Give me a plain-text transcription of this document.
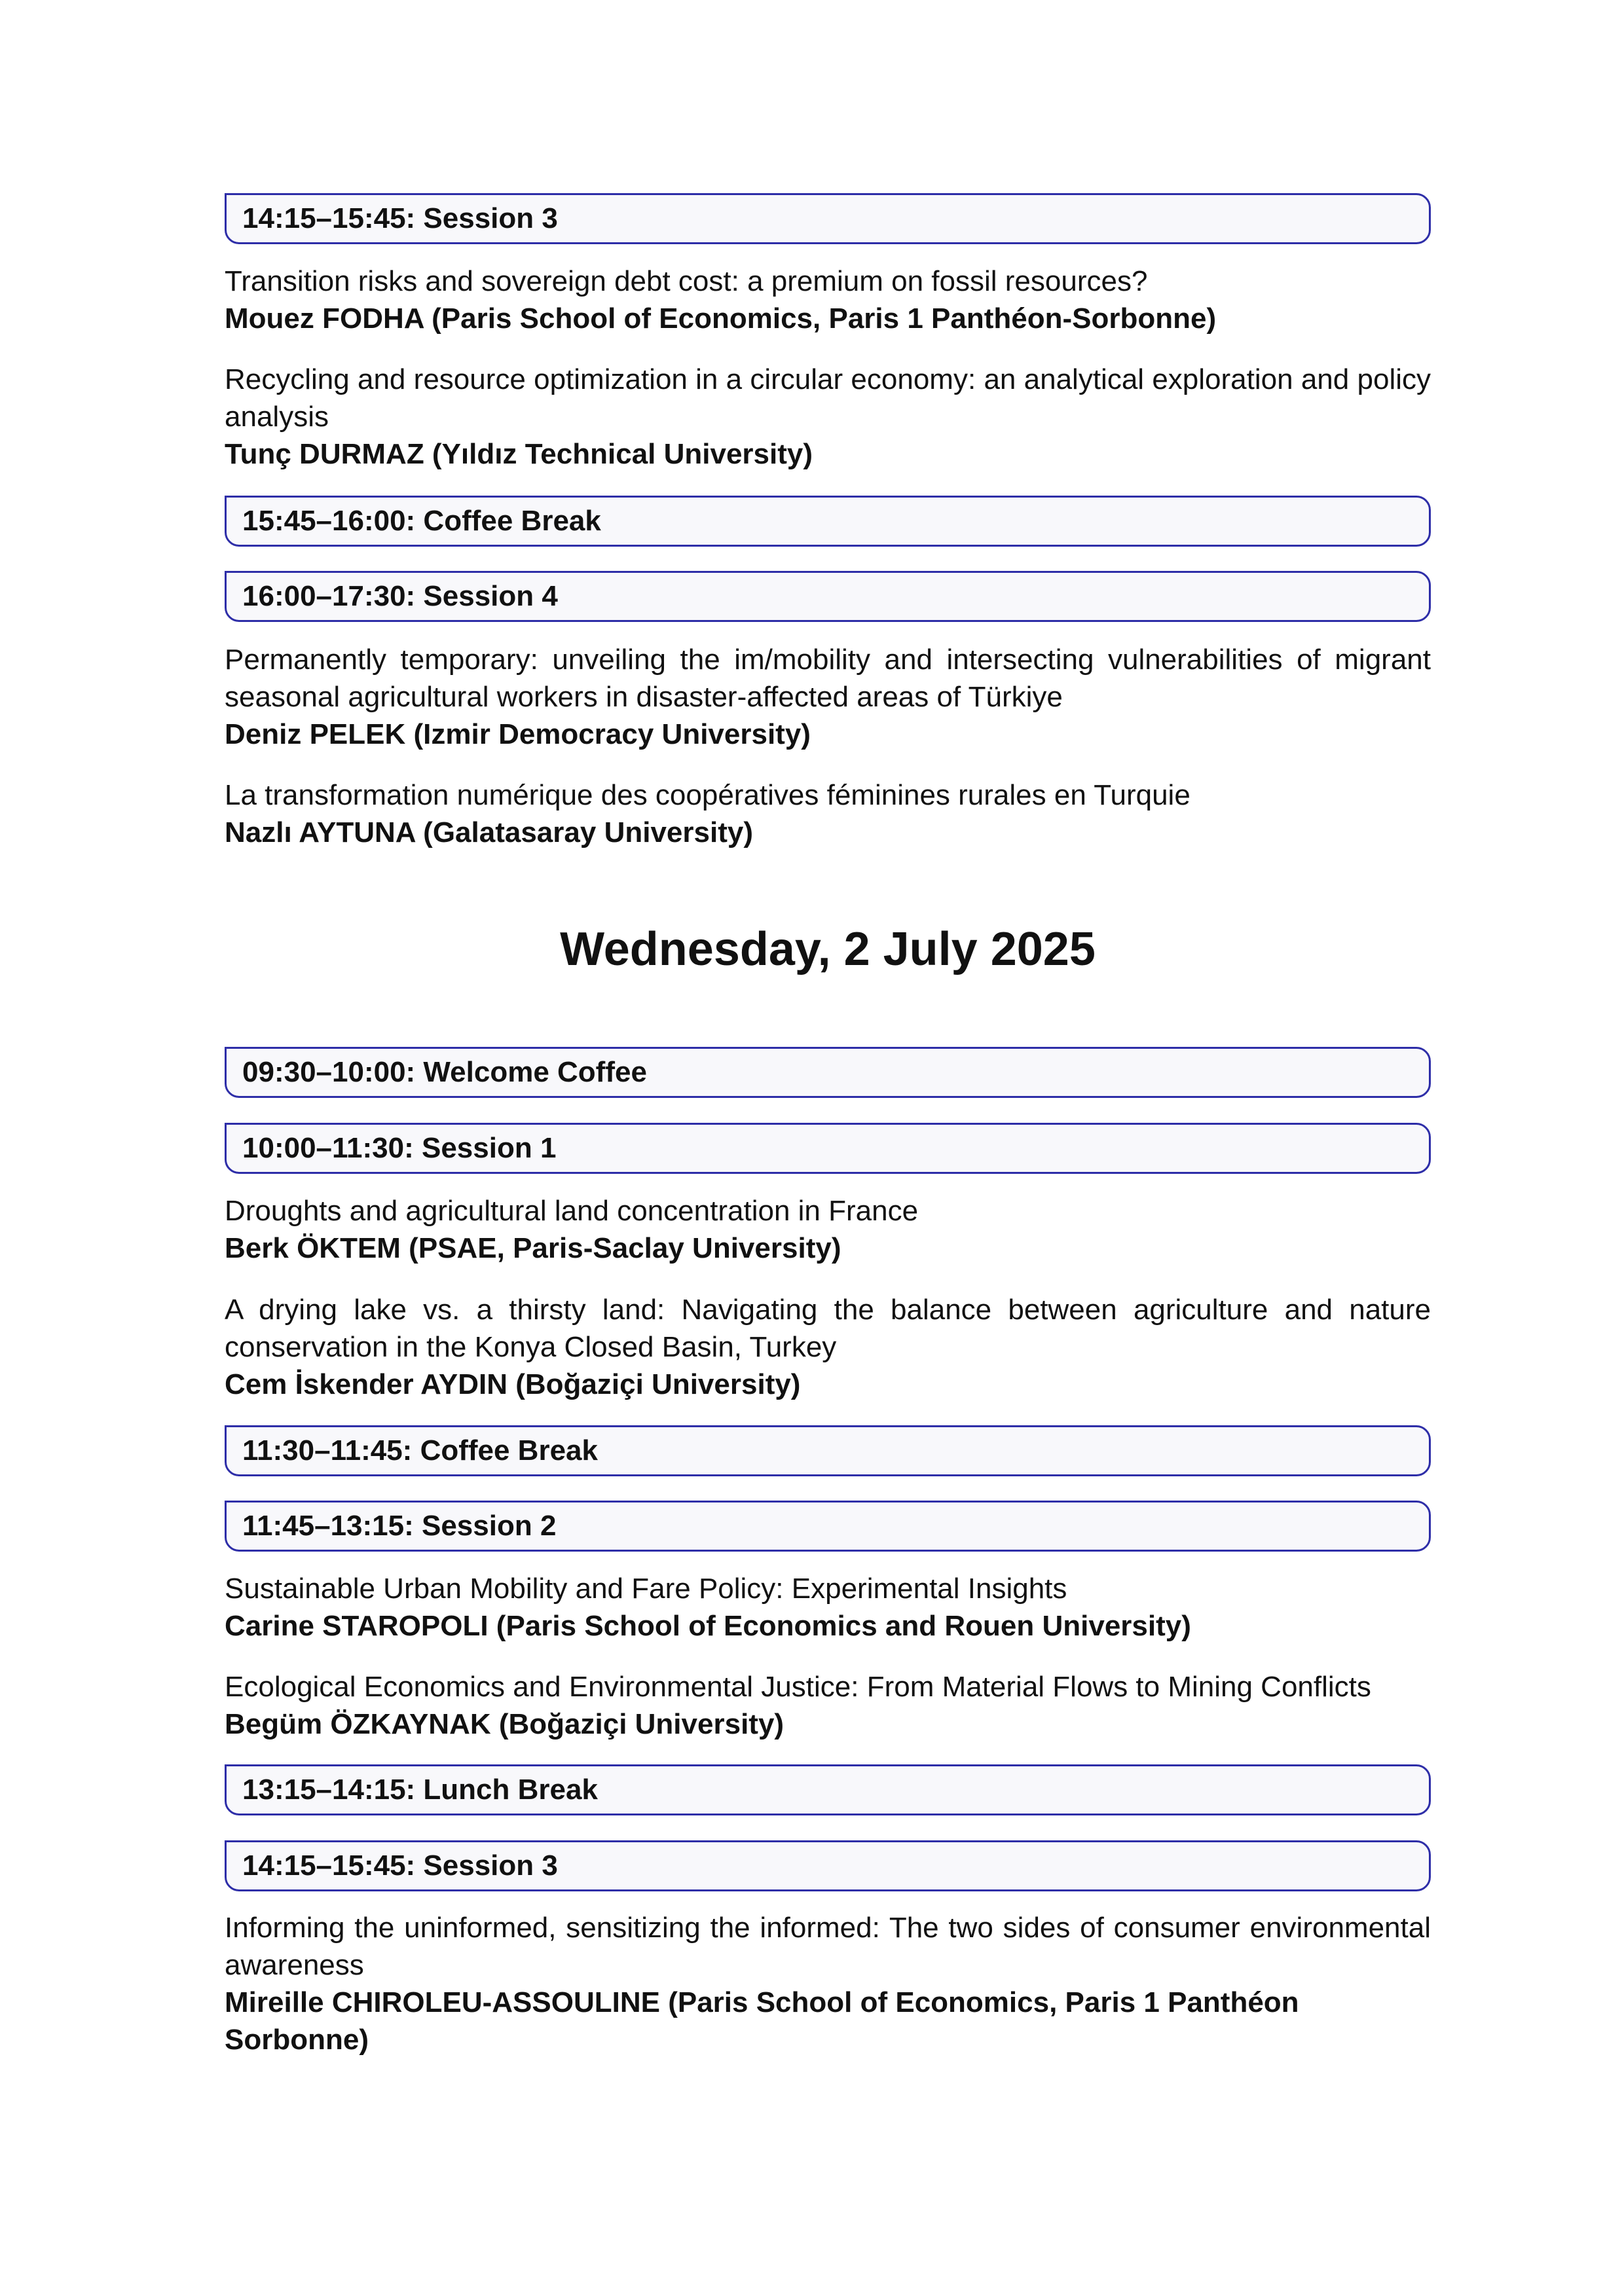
14:15–15:45: Session 3
Transition risks and sovereign debt cost: a premium on fossil resources?
Mouez FODHA (Paris School of Economics, Paris 1 Panthéon-Sorbonne)
Recycling and resource optimization in a circular economy: an analytical exploration and policy analysis
Tunç DURMAZ (Yıldız Technical University)
15:45–16:00: Coffee Break
16:00–17:30: Session 4
Permanently temporary: unveiling the im/mobility and intersecting vulnerabilities of migrant seasonal agricultural workers in disaster-affected areas of Türkiye
Deniz PELEK (Izmir Democracy University)
La transformation numérique des coopératives féminines rurales en Turquie
Nazlı AYTUNA (Galatasaray University)
Wednesday, 2 July 2025
09:30–10:00: Welcome Coffee
10:00–11:30: Session 1
Droughts and agricultural land concentration in France
Berk ÖKTEM (PSAE, Paris-Saclay University)
A drying lake vs. a thirsty land: Navigating the balance between agriculture and nature conservation in the Konya Closed Basin, Turkey
Cem İskender AYDIN (Boğaziçi University)
11:30–11:45: Coffee Break
11:45–13:15: Session 2
Sustainable Urban Mobility and Fare Policy: Experimental Insights
Carine STAROPOLI (Paris School of Economics and Rouen University)
Ecological Economics and Environmental Justice: From Material Flows to Mining Conflicts
Begüm ÖZKAYNAK (Boğaziçi University)
13:15–14:15: Lunch Break
14:15–15:45: Session 3
Informing the uninformed, sensitizing the informed: The two sides of consumer environmental awareness
Mireille CHIROLEU-ASSOULINE (Paris School of Economics, Paris 1 Panthéon Sorbonne)
